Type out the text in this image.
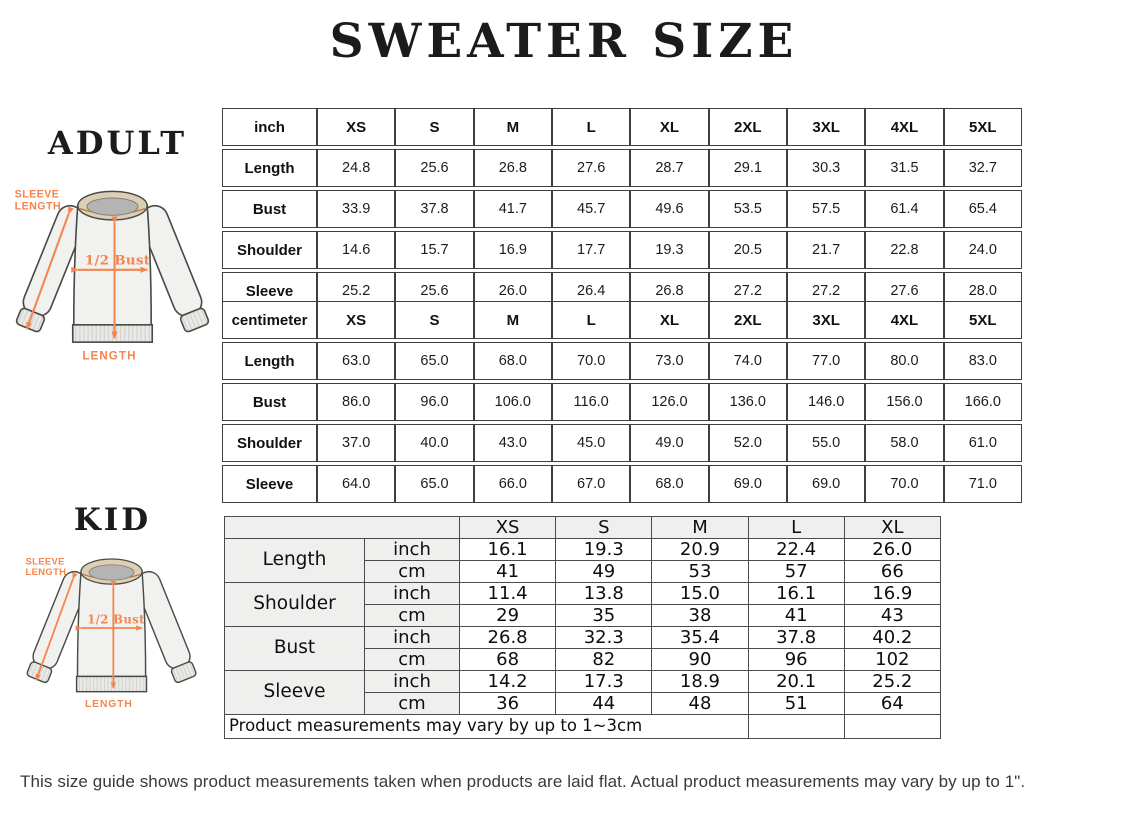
SWEATER SIZE
ADULT
SLEEVE
LENGTH
1/2 Bust
LENGTH
inch	XS	S	M	L	XL	2XL	3XL	4XL	5XL
Length	24.8	25.6	26.8	27.6	28.7	29.1	30.3	31.5	32.7
Bust	33.9	37.8	41.7	45.7	49.6	53.5	57.5	61.4	65.4
Shoulder	14.6	15.7	16.9	17.7	19.3	20.5	21.7	22.8	24.0
Sleeve	25.2	25.6	26.0	26.4	26.8	27.2	27.2	27.6	28.0
centimeter	XS	S	M	L	XL	2XL	3XL	4XL	5XL
Length	63.0	65.0	68.0	70.0	73.0	74.0	77.0	80.0	83.0
Bust	86.0	96.0	106.0	116.0	126.0	136.0	146.0	156.0	166.0
Shoulder	37.0	40.0	43.0	45.0	49.0	52.0	55.0	58.0	61.0
Sleeve	64.0	65.0	66.0	67.0	68.0	69.0	69.0	70.0	71.0
KID
SLEEVE
LENGTH
1/2 Bust
LENGTH
		XS	S	M	L	XL
Length	inch	16.1	19.3	20.9	22.4	26.0
	cm	41	49	53	57	66
Shoulder	inch	11.4	13.8	15.0	16.1	16.9
	cm	29	35	38	41	43
Bust	inch	26.8	32.3	35.4	37.8	40.2
	cm	68	82	90	96	102
Sleeve	inch	14.2	17.3	18.9	20.1	25.2
	cm	36	44	48	51	64
Product measurements may vary by up to 1~3cm						
This size guide shows product measurements taken when products are laid flat. Actual product measurements may vary by up to 1".
